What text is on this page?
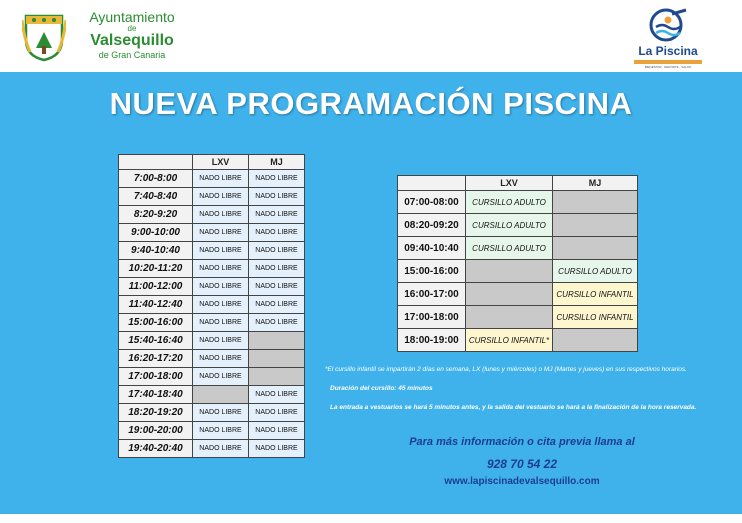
Ayuntamiento
de
Valsequillo
de Gran Canaria	La Piscina
BIENESTAR · DEPORTE · SALUD
NUEVA PROGRAMACIÓN PISCINA
	LXV	MJ
7:00-8:00	NADO LIBRE	NADO LIBRE
7:40-8:40	NADO LIBRE	NADO LIBRE
8:20-9:20	NADO LIBRE	NADO LIBRE
9:00-10:00	NADO LIBRE	NADO LIBRE
9:40-10:40	NADO LIBRE	NADO LIBRE
10:20-11:20	NADO LIBRE	NADO LIBRE
11:00-12:00	NADO LIBRE	NADO LIBRE
11:40-12:40	NADO LIBRE	NADO LIBRE
15:00-16:00	NADO LIBRE	NADO LIBRE
15:40-16:40	NADO LIBRE	
16:20-17:20	NADO LIBRE	
17:00-18:00	NADO LIBRE	
17:40-18:40		NADO LIBRE
18:20-19:20	NADO LIBRE	NADO LIBRE
19:00-20:00	NADO LIBRE	NADO LIBRE
19:40-20:40	NADO LIBRE	NADO LIBRE
	LXV	MJ
07:00-08:00	CURSILLO ADULTO	
08:20-09:20	CURSILLO ADULTO	
09:40-10:40	CURSILLO ADULTO	
15:00-16:00		CURSILLO ADULTO
16:00-17:00		CURSILLO INFANTIL
17:00-18:00		CURSILLO INFANTIL
18:00-19:00	CURSILLO INFANTIL*	
*El cursillo infantil se impartirán 2 días en semana, LX (lunes y miércoles) o MJ (Martes y jueves) en sus respectivos horarios.
Duración del cursillo: 45 minutos
La entrada a vestuarios se hará 5 minutos antes, y la salida del vestuario se hará a la finalización de la hora reservada.
Para más información o cita previa llama al
928 70 54 22
www.lapiscinadevalsequillo.com
